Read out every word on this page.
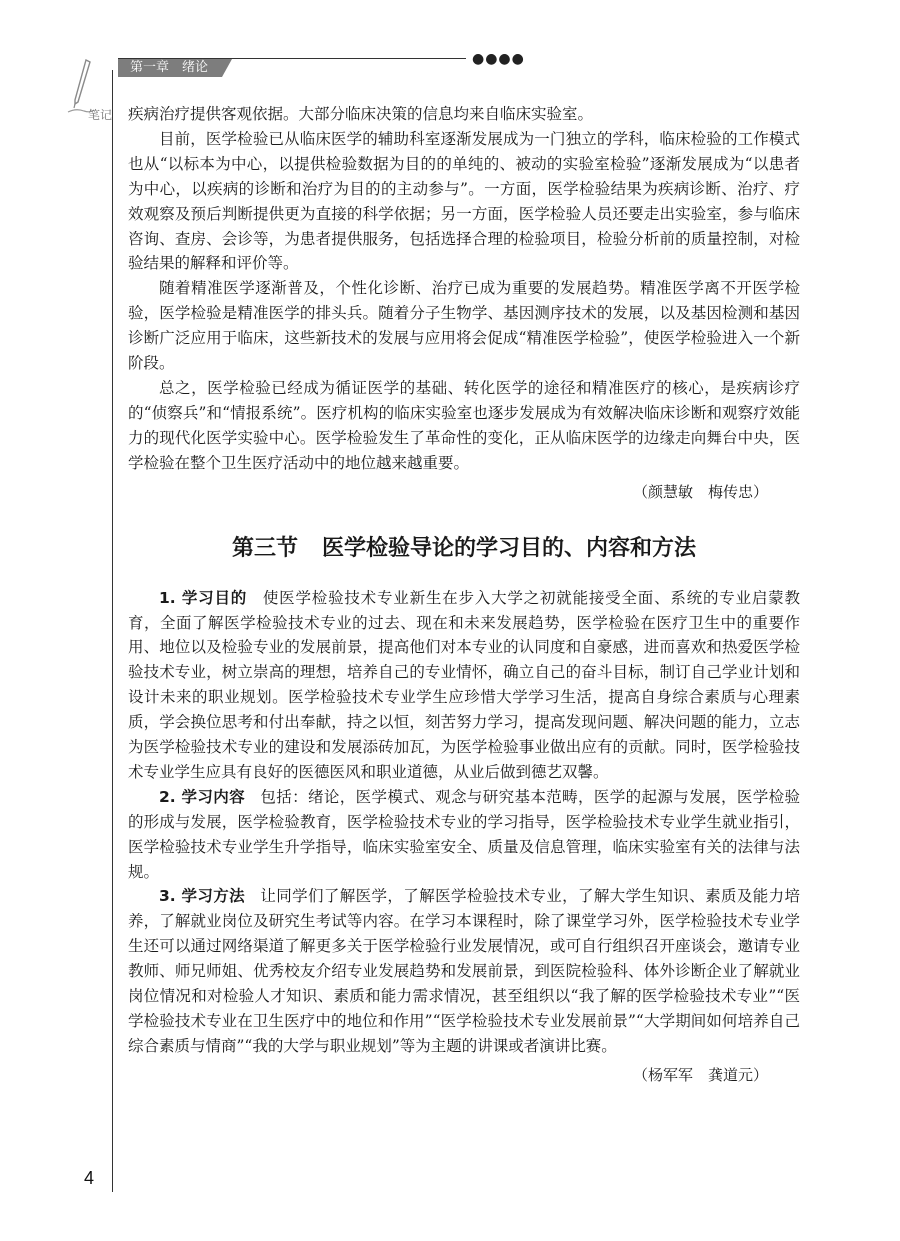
●●●●
第一章　绪论
笔记 疾病治疗提供客观依据。大部分临床决策的信息均来自临床实验室。

目前，医学检验已从临床医学的辅助科室逐渐发展成为一门独立的学科，临床检验的工作模式也从“以标本为中心，以提供检验数据为目的的单纯的、被动的实验室检验”逐渐发展成为“以患者为中心，以疾病的诊断和治疗为目的的主动参与”。一方面，医学检验结果为疾病诊断、治疗、疗效观察及预后判断提供更为直接的科学依据；另一方面，医学检验人员还要走出实验室，参与临床咨询、查房、会诊等，为患者提供服务，包括选择合理的检验项目，检验分析前的质量控制，对检验结果的解释和评价等。

随着精准医学逐渐普及，个性化诊断、治疗已成为重要的发展趋势。精准医学离不开医学检验，医学检验是精准医学的排头兵。随着分子生物学、基因测序技术的发展，以及基因检测和基因诊断广泛应用于临床，这些新技术的发展与应用将会促成“精准医学检验”，使医学检验进入一个新阶段。

总之，医学检验已经成为循证医学的基础、转化医学的途径和精准医疗的核心，是疾病诊疗的“侦察兵”和“情报系统”。医疗机构的临床实验室也逐步发展成为有效解决临床诊断和观察疗效能力的现代化医学实验中心。医学检验发生了革命性的变化，正从临床医学的边缘走向舞台中央，医学检验在整个卫生医疗活动中的地位越来越重要。

（颜慧敏　梅传忠）

第三节 医学检验导论的学习目的、内容和方法

1. 学习目的 使医学检验技术专业新生在步入大学之初就能接受全面、系统的专业启蒙教育，全面了解医学检验技术专业的过去、现在和未来发展趋势，医学检验在医疗卫生中的重要作用、地位以及检验专业的发展前景，提高他们对本专业的认同度和自豪感，进而喜欢和热爱医学检验技术专业，树立崇高的理想，培养自己的专业情怀，确立自己的奋斗目标，制订自己学业计划和设计未来的职业规划。医学检验技术专业学生应珍惜大学学习生活，提高自身综合素质与心理素质，学会换位思考和付出奉献，持之以恒，刻苦努力学习，提高发现问题、解决问题的能力，立志为医学检验技术专业的建设和发展添砖加瓦，为医学检验事业做出应有的贡献。同时，医学检验技术专业学生应具有良好的医德医风和职业道德，从业后做到德艺双馨。

2. 学习内容 包括：绪论，医学模式、观念与研究基本范畴，医学的起源与发展，医学检验的形成与发展，医学检验教育，医学检验技术专业的学习指导，医学检验技术专业学生就业指引，医学检验技术专业学生升学指导，临床实验室安全、质量及信息管理，临床实验室有关的法律与法规。

3. 学习方法 让同学们了解医学，了解医学检验技术专业，了解大学生知识、素质及能力培养，了解就业岗位及研究生考试等内容。在学习本课程时，除了课堂学习外，医学检验技术专业学生还可以通过网络渠道了解更多关于医学检验行业发展情况，或可自行组织召开座谈会，邀请专业教师、师兄师姐、优秀校友介绍专业发展趋势和发展前景，到医院检验科、体外诊断企业了解就业岗位情况和对检验人才知识、素质和能力需求情况，甚至组织以“我了解的医学检验技术专业”“医学检验技术专业在卫生医疗中的地位和作用”“医学检验技术专业发展前景”“大学期间如何培养自己综合素质与情商”“我的大学与职业规划”等为主题的讲课或者演讲比赛。

（杨军军　龚道元）

4
